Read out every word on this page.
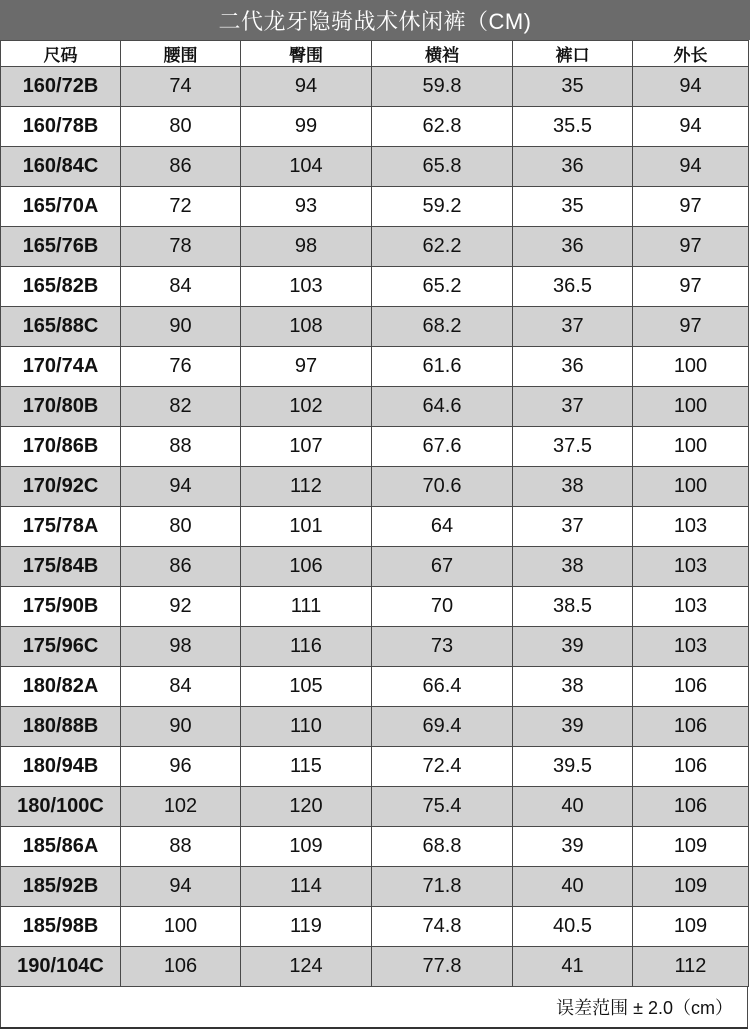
二代龙牙隐骑战术休闲裤（CM)
尺码	腰围	臀围	横裆	裤口	外长
160/72B	74	94	59.8	35	94
160/78B	80	99	62.8	35.5	94
160/84C	86	104	65.8	36	94
165/70A	72	93	59.2	35	97
165/76B	78	98	62.2	36	97
165/82B	84	103	65.2	36.5	97
165/88C	90	108	68.2	37	97
170/74A	76	97	61.6	36	100
170/80B	82	102	64.6	37	100
170/86B	88	107	67.6	37.5	100
170/92C	94	112	70.6	38	100
175/78A	80	101	64	37	103
175/84B	86	106	67	38	103
175/90B	92	111	70	38.5	103
175/96C	98	116	73	39	103
180/82A	84	105	66.4	38	106
180/88B	90	110	69.4	39	106
180/94B	96	115	72.4	39.5	106
180/100C	102	120	75.4	40	106
185/86A	88	109	68.8	39	109
185/92B	94	114	71.8	40	109
185/98B	100	119	74.8	40.5	109
190/104C	106	124	77.8	41	112
误差范围 ± 2.0（cm）
